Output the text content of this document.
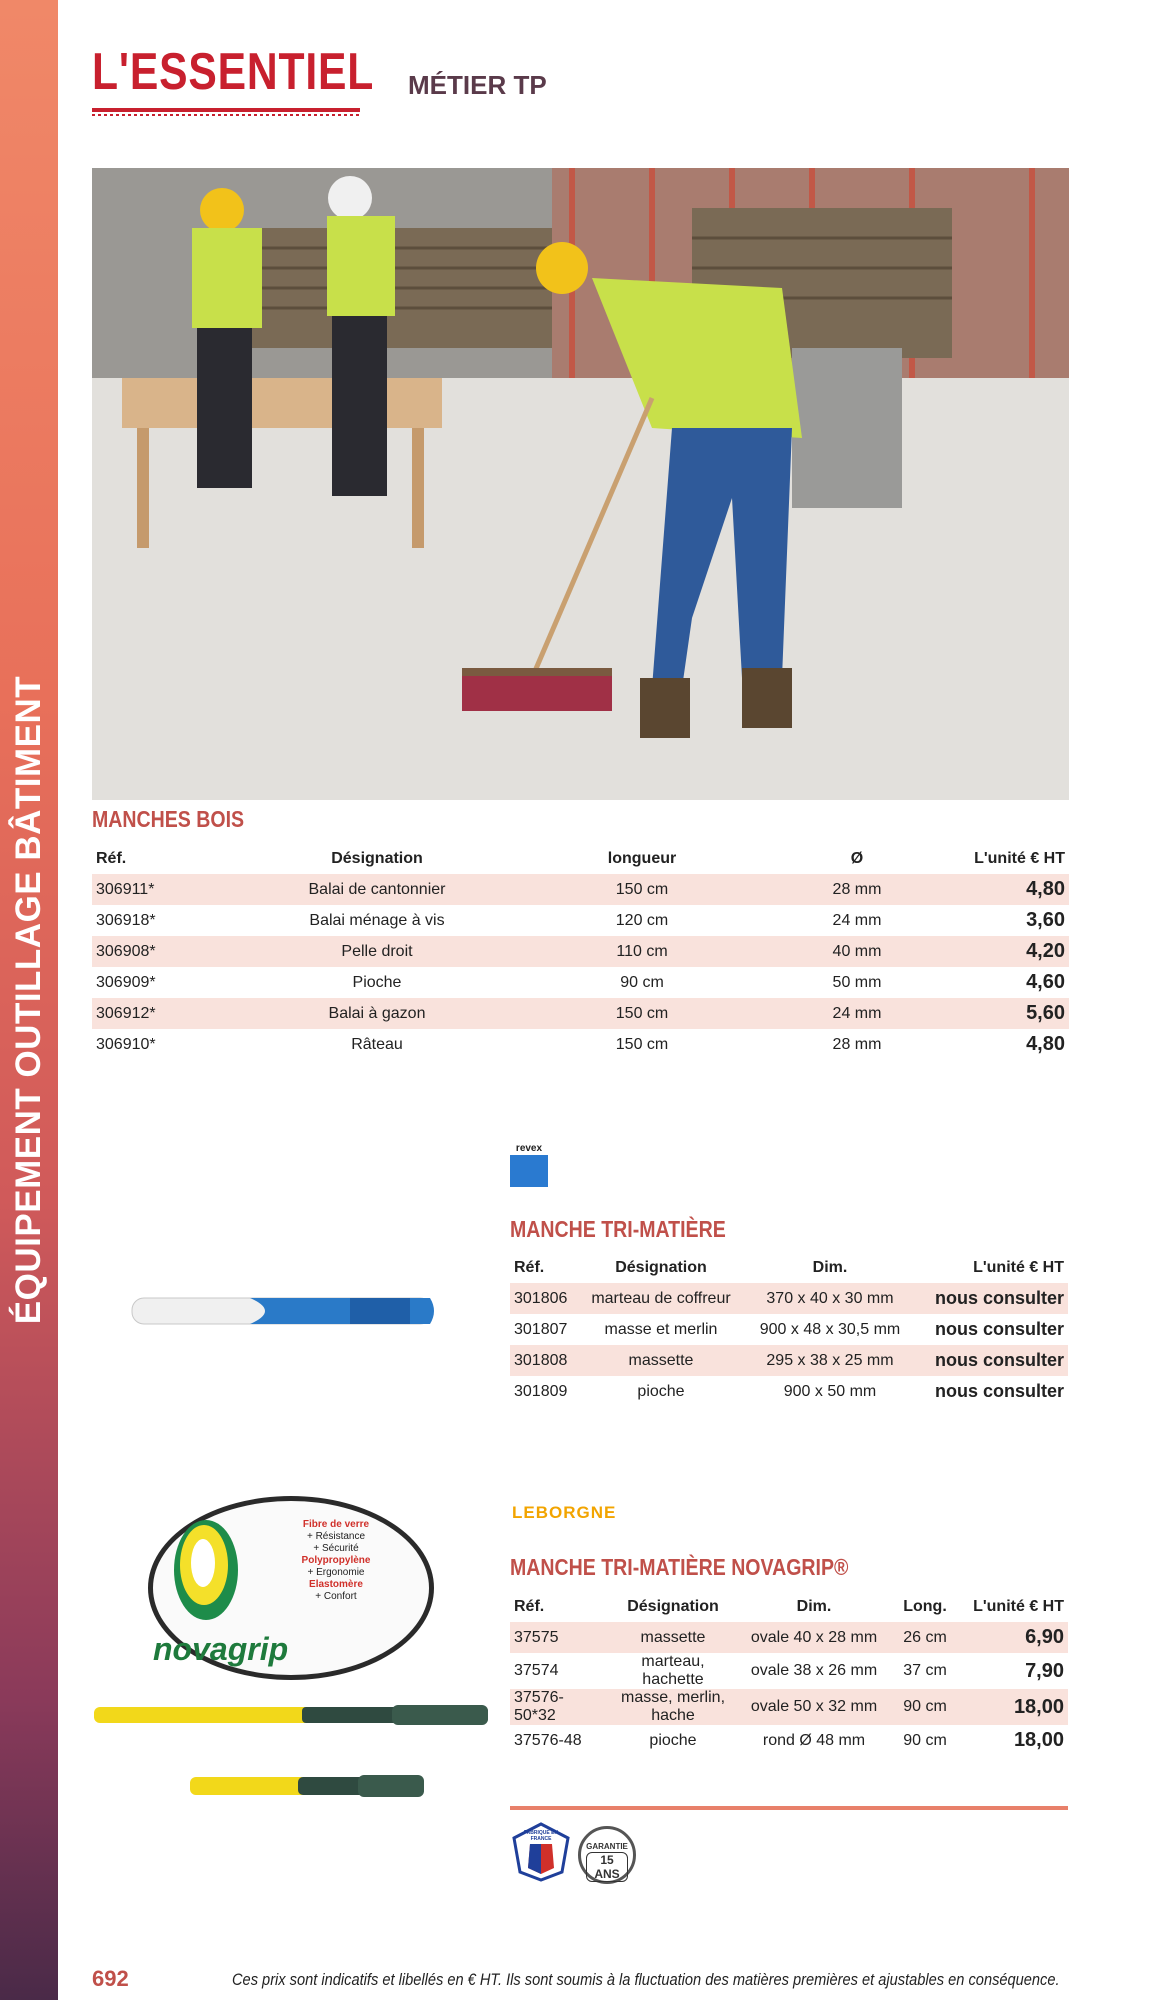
ÉQUIPEMENT OUTILLAGE BÂTIMENT
L'ESSENTIEL MÉTIER TP
MANCHES BOIS
Réf.	Désignation	longueur	Ø	L'unité € HT
306911*	Balai de cantonnier	150 cm	28 mm	4,80
306918*	Balai ménage à vis	120 cm	24 mm	3,60
306908*	Pelle droit	110 cm	40 mm	4,20
306909*	Pioche	90 cm	50 mm	4,60
306912*	Balai à gazon	150 cm	24 mm	5,60
306910*	Râteau	150 cm	28 mm	4,80
revex
MANCHE TRI-MATIÈRE
Réf.	Désignation	Dim.	L'unité € HT
301806	marteau de coffreur	370 x 40 x 30 mm	nous consulter
301807	masse et merlin	900 x 48 x 30,5 mm	nous consulter
301808	massette	295 x 38 x 25 mm	nous consulter
301809	pioche	900 x 50 mm	nous consulter
LEBORGNE
Fibre de verre
+ Résistance
+ Sécurité
Polypropylène
+ Ergonomie
Elastomère
+ Confort
novagrip
MANCHE TRI-MATIÈRE NOVAGRIP®
Réf.	Désignation	Dim.	Long.	L'unité € HT
37575	massette	ovale 40 x 28 mm	26 cm	6,90
37574	marteau, hachette	ovale 38 x 26 mm	37 cm	7,90
37576-50*32	masse, merlin, hache	ovale 50 x 32 mm	90 cm	18,00
37576-48	pioche	rond Ø 48 mm	90 cm	18,00
FABRIQUÉ EN FRANCE
GARANTIE
15 ANS
692	Ces prix sont indicatifs et libellés en € HT. Ils sont soumis à la fluctuation des matières premières et ajustables en conséquence.
